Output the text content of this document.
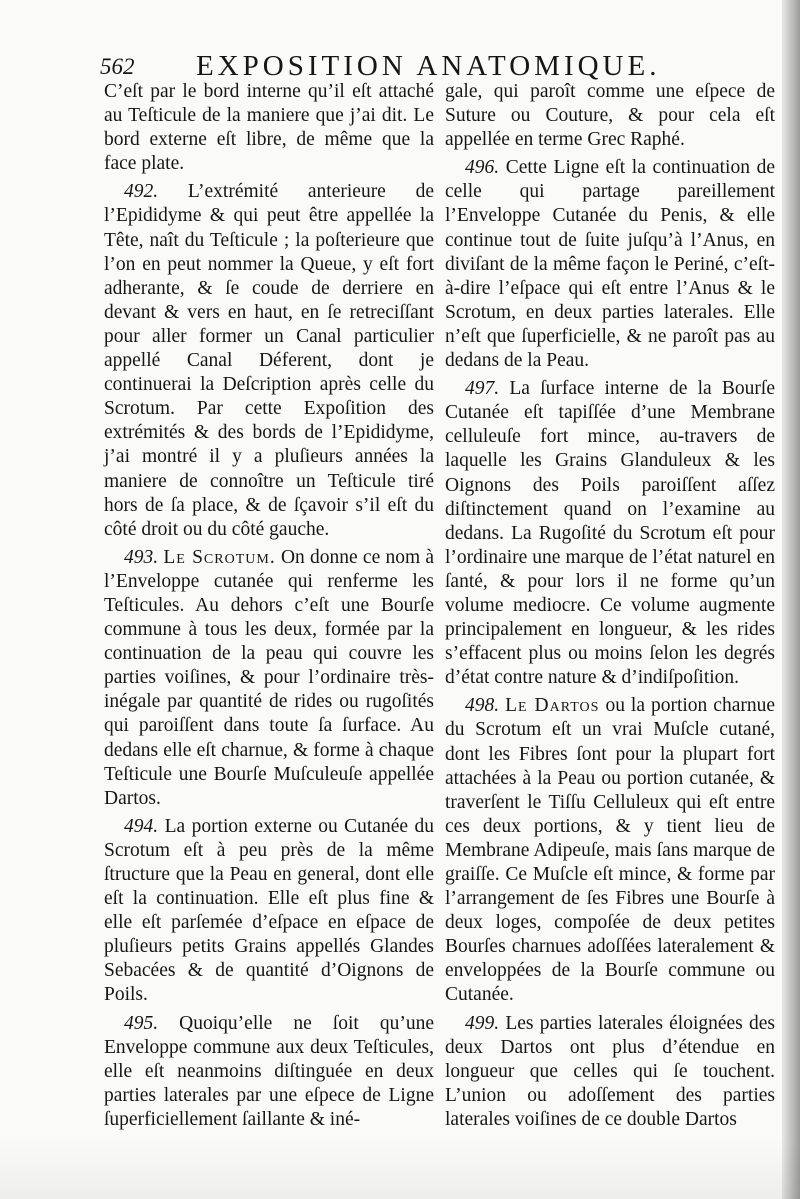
562 EXPOSITION ANATOMIQUE.

C’eſt par le bord interne qu’il eſt attaché au Teſticule de la maniere que j’ai dit. Le bord externe eſt libre, de même que la face plate.

492. L’extrémité anterieure de l’Epididyme & qui peut être appellée la Tête, naît du Teſticule ; la poſterieure que l’on en peut nommer la Queue, y eſt fort adherante, & ſe coude de derriere en devant & vers en haut, en ſe retreciſſant pour aller former un Canal particulier appellé Canal Déferent, dont je continuerai la Deſcription après celle du Scrotum. Par cette Expoſition des extrémités & des bords de l’Epididyme, j’ai montré il y a pluſieurs années la maniere de connoître un Teſticule tiré hors de ſa place, & de ſçavoir s’il eſt du côté droit ou du côté gauche.

493. Le Scrotum. On donne ce nom à l’Enveloppe cutanée qui renferme les Teſticules. Au dehors c’eſt une Bourſe commune à tous les deux, formée par la continuation de la peau qui couvre les parties voiſines, & pour l’ordinaire très-inégale par quantité de rides ou rugoſités qui paroiſſent dans toute ſa ſurface. Au dedans elle eſt charnue, & forme à chaque Teſticule une Bourſe Muſculeuſe appellée Dartos.

494. La portion externe ou Cutanée du Scrotum eſt à peu près de la même ſtructure que la Peau en general, dont elle eſt la continuation. Elle eſt plus fine & elle eſt parſemée d’eſpace en eſpace de pluſieurs petits Grains appellés Glandes Sebacées & de quantité d’Oignons de Poils.

495. Quoiqu’elle ne ſoit qu’une Enveloppe commune aux deux Teſticules, elle eſt neanmoins diſtinguée en deux parties laterales par une eſpece de Ligne ſuperficiellement ſaillante & iné-

gale, qui paroît comme une eſpece de Suture ou Couture, & pour cela eſt appellée en terme Grec Raphé.

496. Cette Ligne eſt la continuation de celle qui partage pareillement l’Enveloppe Cutanée du Penis, & elle continue tout de ſuite juſqu’à l’Anus, en diviſant de la même façon le Periné, c’eſt-à-dire l’eſpace qui eſt entre l’Anus & le Scrotum, en deux parties laterales. Elle n’eſt que ſuperficielle, & ne paroît pas au dedans de la Peau.

497. La ſurface interne de la Bourſe Cutanée eſt tapiſſée d’une Membrane celluleuſe fort mince, au-travers de laquelle les Grains Glanduleux & les Oignons des Poils paroiſſent aſſez diſtinctement quand on l’examine au dedans. La Rugoſité du Scrotum eſt pour l’ordinaire une marque de l’état naturel en ſanté, & pour lors il ne forme qu’un volume mediocre. Ce volume augmente principalement en longueur, & les rides s’effacent plus ou moins ſelon les degrés d’état contre nature & d’indiſpoſition.

498. Le Dartos ou la portion charnue du Scrotum eſt un vrai Muſcle cutané, dont les Fibres ſont pour la plupart fort attachées à la Peau ou portion cutanée, & traverſent le Tiſſu Celluleux qui eſt entre ces deux portions, & y tient lieu de Membrane Adipeuſe, mais ſans marque de graiſſe. Ce Muſcle eſt mince, & forme par l’arrangement de ſes Fibres une Bourſe à deux loges, compoſée de deux petites Bourſes charnues adoſſées lateralement & enveloppées de la Bourſe commune ou Cutanée.

499. Les parties laterales éloignées des deux Dartos ont plus d’étendue en longueur que celles qui ſe touchent. L’union ou adoſſement des parties laterales voiſines de ce double Dartos
